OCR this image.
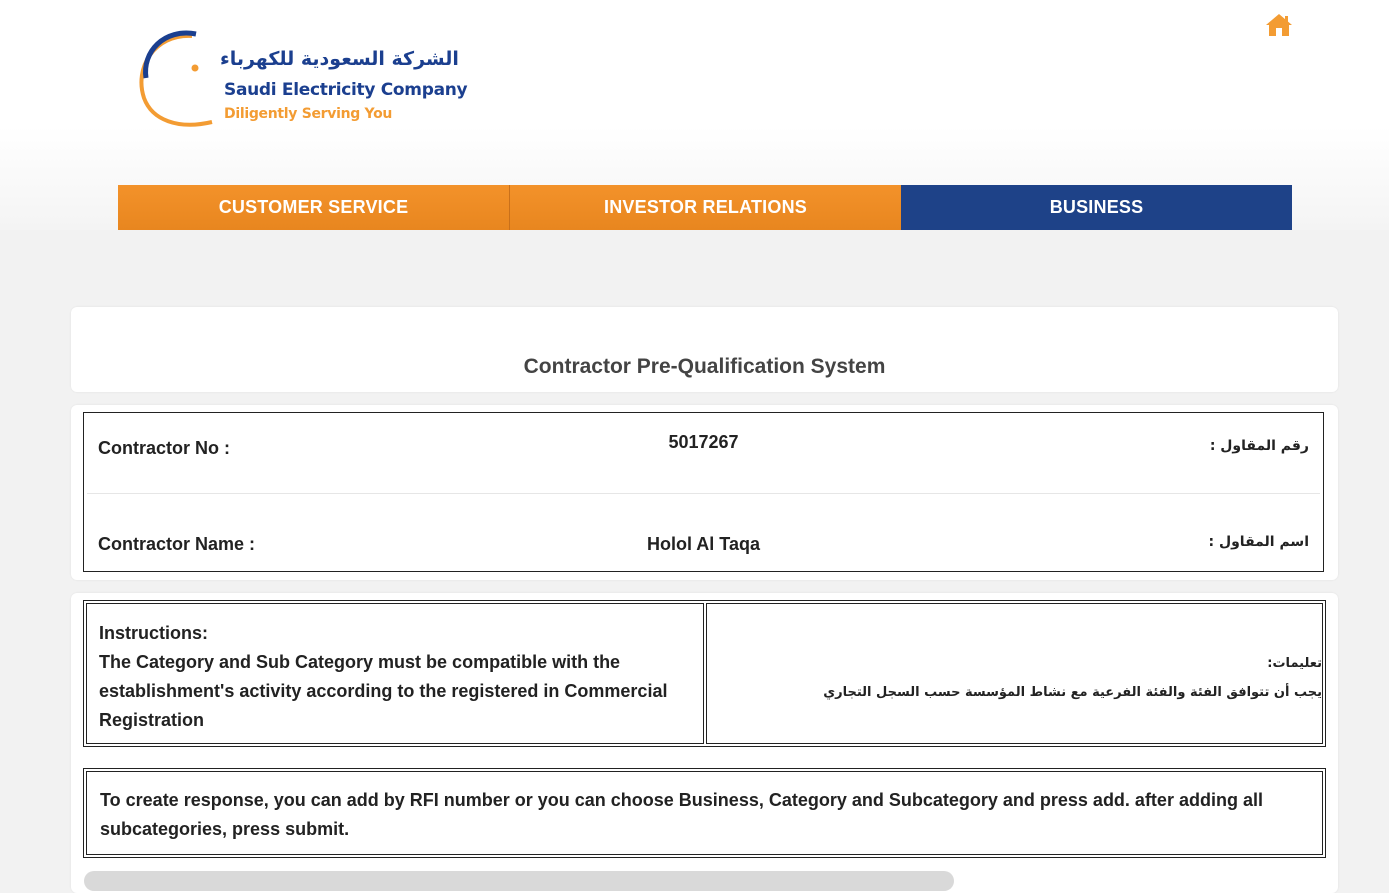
الشركة السعودية للكهرباء
Saudi Electricity Company
Diligently Serving You
CUSTOMER SERVICE	INVESTOR RELATIONS	BUSINESS
Contractor Pre-Qualification System
Contractor No :	5017267	رقم المقاول :
Contractor Name :	Holol Al Taqa	اسم المقاول :
Instructions:
The Category and Sub Category must be compatible with the establishment's activity according to the registered in Commercial Registration
تعليمات:
يجب أن تتوافق الفئة والفئة الفرعية مع نشاط المؤسسة حسب السجل التجاري
To create response, you can add by RFI number or you can choose Business, Category and Subcategory and press add. after adding all subcategories, press submit.
